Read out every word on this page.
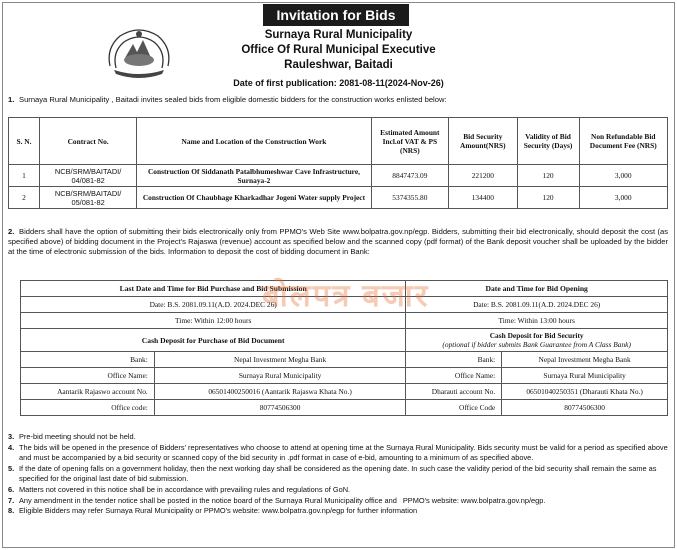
Invitation for Bids
Surnaya Rural Municipality
Office Of Rural Municipal Executive
Rauleshwar, Baitadi
Date of first publication: 2081-08-11(2024-Nov-26)
1. Surnaya Rural Municipality , Baitadi invites sealed bids from eligible domestic bidders for the construction works enlisted below:
S. N.	Contract No.	Name and Location of the Construction Work	Estimated Amount Incl.of VAT & PS (NRS)	Bid Security Amount(NRS)	Validity of Bid Security (Days)	Non Refundable Bid Document Fee (NRS)
1	NCB/SRM/BAITADI/ 04/081-82	Construction Of Siddanath Patalbhumeshwar Cave Infrastructure, Surnaya-2	8847473.09	221200	120	3,000
2	NCB/SRM/BAITADI/ 05/081-82	Construction Of Chaubhage Kharkadhar Jogeni Water supply Project	5374355.80	134400	120	3,000
2. Bidders shall have the option of submitting their bids electronically only from PPMO's Web Site www.bolpatra.gov.np/egp. Bidders, submitting their bid electronically, should deposit the cost (as specified above) of bidding document in the Project's Rajaswa (revenue) account as specified below and the scanned copy (pdf format) of the Bank deposit voucher shall be uploaded by the bidder at the time of electronic submission of the bids. Information to deposit the cost of bidding document in Bank:
Last Date and Time for Bid Purchase and Bid Submission		Date and Time for Bid Opening	
Date: B.S. 2081.09.11(A.D. 2024.DEC 26)		Date: B.S. 2081.09.11(A.D. 2024.DEC 26)	
Time: Within 12:00 hours		Time: Within 13:00 hours	
Cash Deposit for Purchase of Bid Document		Cash Deposit for Bid Security
(optional if bidder submits Bank Guarantee from A Class Bank)	

Bank:	Nepal Investment Megha Bank	Bank:	Nepal Investment Megha Bank
Office Name:	Surnaya Rural Municipality	Office Name:	Surnaya Rural Municipality
Aantarik Rajaswo account No.	06501400250016 (Aantarik Rajaswa Khata No.)	Dharauti account No.	06501040250351 (Dharauti Khata No.)
Office code:	80774506300	Office Code	80774506300
बोलपत्र बजार
3. Pre-bid meeting should not be held.
4. The bids will be opened in the presence of Bidders' representatives who choose to attend at opening time at the Surnaya Rural Municipality. Bids security must be valid for a period as specified above and must be accompanied by a bid security or scanned copy of the bid security in .pdf format in case of e-bid, amounting to a minimum of as specified above.
5. If the date of opening falls on a government holiday, then the next working day shall be considered as the opening date. In such case the validity period of the bid security shall remain the same as specified for the original last date of bid submission.
6. Matters not covered in this notice shall be in accordance with prevailing rules and regulations of GoN.
7. Any amendment in the tender notice shall be posted in the notice board of the Surnaya Rural Municipality office and PPMO's website: www.bolpatra.gov.np/egp.
8. Eligible Bidders may refer Surnaya Rural Municipality or PPMO's website: www.bolpatra.gov.np/egp for further information
